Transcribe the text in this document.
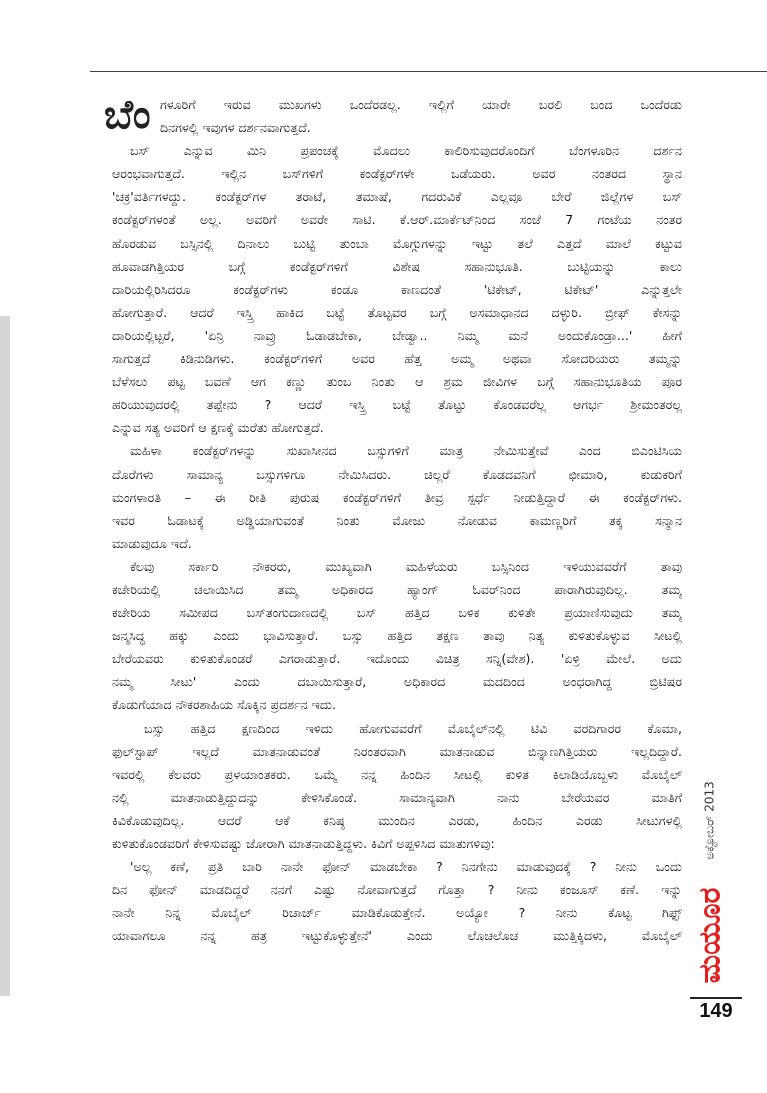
ಬೆಂ ಗಳೂರಿಗೆ ಇರುವ ಮುಖಗಳು ಒಂದೆರಡಲ್ಲ. ಇಲ್ಲಿಗೆ ಯಾರೇ ಬರಲಿ ಬಂದ ಒಂದೆರಡು
ದಿನಗಳಲ್ಲಿ ಇವುಗಳ ದರ್ಶನವಾಗುತ್ತದೆ.
ಬಸ್ ಎನ್ನುವ ಮಿನಿ ಪ್ರಪಂಚಕ್ಕೆ ಮೊದಲು ಕಾಲಿರಿಸುವುದರೊಂದಿಗೆ ಬೆಂಗಳೂರಿನ ದರ್ಶನ
ಆರಂಭವಾಗುತ್ತದೆ. ಇಲ್ಲಿನ ಬಸ್‌ಗಳಿಗೆ ಕಂಡೆಕ್ಟರ್‌ಗಳೇ ಒಡೆಯರು. ಅವರ ನಂತರದ ಸ್ಥಾನ
'ಚಕ್ರ'ವರ್ತಿಗಳದ್ದು. ಕಂಡೆಕ್ಟರ್‌ಗಳ ತರಾಟೆ, ತಮಾಷೆ, ಗದರುವಿಕೆ ಎಲ್ಲವೂ ಬೇರೆ ಜಿಲ್ಲೆಗಳ ಬಸ್
ಕಂಡೆಕ್ಟರ್‌ಗಳಂತೆ ಅಲ್ಲ. ಅವರಿಗೆ ಅವರೇ ಸಾಟಿ. ಕೆ.ಆರ್.ಮಾರ್ಕೆಟ್‌ನಿಂದ ಸಂಜೆ 7 ಗಂಟೆಯ ನಂತರ
ಹೊರಡುವ ಬಸ್ಸಿನಲ್ಲಿ ದಿನಾಲು ಬುಟ್ಟಿ ತುಂಬಾ ಮೊಗ್ಗುಗಳನ್ನು ಇಟ್ಟು ತಲೆ ಎತ್ತದೆ ಮಾಲೆ ಕಟ್ಟುವ
ಹೂವಾಡಗಿತ್ತಿಯರ ಬಗ್ಗೆ ಕಂಡೆಕ್ಟರ್‌ಗಳಿಗೆ ವಿಶೇಷ ಸಹಾನುಭೂತಿ. ಬುಟ್ಟಿಯನ್ನು ಕಾಲು
ದಾರಿಯಲ್ಲಿರಿಸಿದರೂ ಕಂಡೆಕ್ಟರ್‌ಗಳು ಕಂಡೂ ಕಾಣದಂತೆ 'ಟಿಕೇಟ್, ಟಿಕೇಟ್' ಎನ್ನುತ್ತಲೇ
ಹೋಗುತ್ತಾರೆ. ಆದರೆ ಇಸ್ತ್ರಿ ಹಾಕಿದ ಬಟ್ಟೆ ತೊಟ್ಟವರ ಬಗ್ಗೆ ಅಸಮಾಧಾನದ ದಳ್ಳುರಿ. ಬ್ರೀಫ್ ಕೇಸನ್ನು
ದಾರಿಯಲ್ಲಿಟ್ಟರೆ, 'ಏನ್ರಿ ನಾವ್ರು ಓಡಾಡಬೇಕಾ, ಬೇಡ್ವಾ.. ನಿಮ್ಮ ಮನೆ ಅಂದುಕೊಂಡ್ರಾ...' ಹೀಗೆ
ಸಾಗುತ್ತದೆ ಕಿಡಿನುಡಿಗಳು. ಕಂಡೆಕ್ಟರ್‌ಗಳಿಗೆ ಅವರ ಹೆತ್ತ ಅಮ್ಮ ಅಥವಾ ಸೋದರಿಯರು ತಮ್ಮನ್ನು
ಬೆಳೆಸಲು ಪಟ್ಟ ಬವಣೆ ಆಗ ಕಣ್ಣು ತುಂಬ ನಿಂತು ಆ ಶ್ರಮ ಜೀವಿಗಳ ಬಗ್ಗೆ ಸಹಾನುಭೂತಿಯ ಪೂರ
ಹರಿಯುವುದರಲ್ಲಿ ತಪ್ಪೇನು ? ಆದರೆ ಇಸ್ತ್ರಿ ಬಟ್ಟೆ ತೊಟ್ಟು ಕೊಂಡವರೆಲ್ಲ ಆಗರ್ಭ ಶ್ರೀಮಂತರಲ್ಲ
ಎನ್ನುವ ಸತ್ಯ ಅವರಿಗೆ ಆ ಕ್ಷಣಕ್ಕೆ ಮರೆತು ಹೋಗುತ್ತದೆ.
ಮಹಿಳಾ ಕಂಡೆಕ್ಟರ್‌ಗಳನ್ನು ಸುಖಾಸೀನದ ಬಸ್ಸುಗಳಿಗೆ ಮಾತ್ರ ನೇಮಿಸುತ್ತೇವೆ ಎಂದ ಬಿಎಂಟಿಸಿಯ
ದೊರೆಗಳು ಸಾಮಾನ್ಯ ಬಸ್ಸುಗಳಿಗೂ ನೇಮಿಸಿದರು. ಚಿಲ್ಲರೆ ಕೊಡದವನಿಗೆ ಛೀಮಾರಿ, ಕುಡುಕರಿಗೆ
ಮಂಗಳಾರತಿ – ಈ ರೀತಿ ಪುರುಷ ಕಂಡೆಕ್ಟರ್‌ಗಳಿಗೆ ತೀವ್ರ ಸ್ಪರ್ಧೆ ನೀಡುತ್ತಿದ್ದಾರೆ ಈ ಕಂಡೆಕ್ಟರ್‌ಗಳು.
ಇವರ ಓಡಾಟಕ್ಕೆ ಅಡ್ಡಿಯಾಗುವಂತೆ ನಿಂತು ಮೋಜು ನೋಡುವ ಕಾಮಣ್ಣರಿಗೆ ತಕ್ಕ ಸನ್ಮಾನ
ಮಾಡುವುದೂ ಇದೆ.
ಕೆಲವು ಸರ್ಕಾರಿ ನೌಕರರು, ಮುಖ್ಯವಾಗಿ ಮಹಿಳೆಯರು ಬಸ್ಸಿನಿಂದ ಇಳಿಯುವವರೆಗೆ ತಾವು
ಕಚೇರಿಯಲ್ಲಿ ಚಲಾಯಿಸಿದ ತಮ್ಮ ಅಧಿಕಾರದ ಹ್ಯಾಂಗ್ ಓವರ್‌ನಿಂದ ಪಾರಾಗಿರುವುದಿಲ್ಲ. ತಮ್ಮ
ಕಚೇರಿಯ ಸಮೀಪದ ಬಸ್‌ತಂಗುದಾಣದಲ್ಲಿ ಬಸ್ ಹತ್ತಿದ ಬಳಿಕ ಕುಳಿತೇ ಪ್ರಯಾಣಿಸುವುದು ತಮ್ಮ
ಜನ್ಮಸಿದ್ಧ ಹಕ್ಕು ಎಂದು ಭಾವಿಸುತ್ತಾರೆ. ಬಸ್ಸು ಹತ್ತಿದ ತಕ್ಷಣ ತಾವು ನಿತ್ಯ ಕುಳಿತುಕೊಳ್ಳುವ ಸೀಟಲ್ಲಿ
ಬೇರೆಯವರು ಕುಳಿತುಕೊಂಡರೆ ಎಗರಾಡುತ್ತಾರೆ. ಇದೊಂದು ವಿಚಿತ್ರ ಸನ್ನಿ(ವೇಶ). 'ಏಳ್ರಿ ಮೇಲೆ. ಅದು
ನಮ್ಮ ಸೀಟು' ಎಂದು ದಬಾಯಿಸುತ್ತಾರೆ, ಅಧಿಕಾರದ ಮದದಿಂದ ಅಂಧರಾಗಿದ್ದ ಬ್ರಿಟಿಷರ
ಕೊಡುಗೆಯಾದ ನೌಕರಶಾಹಿಯ ಸೊಕ್ಕಿನ ಪ್ರದರ್ಶನ ಇದು.
ಬಸ್ಸು ಹತ್ತಿದ ಕ್ಷಣದಿಂದ ಇಳಿದು ಹೋಗುವವರೆಗೆ ಮೊಬೈಲ್‌ನಲ್ಲಿ ಟಿವಿ ವರದಿಗಾರರ ಕೊಮಾ,
ಫುಲ್‌ಸ್ಟಾಪ್ ಇಲ್ಲದೆ ಮಾತನಾಡುವಂತೆ ನಿರಂತರವಾಗಿ ಮಾತನಾಡುವ ಬಿನ್ನಾಣಗಿತ್ತಿಯರು ಇಲ್ಲದಿದ್ದಾರೆ.
ಇವರಲ್ಲಿ ಕೆಲವರು ಪ್ರಳಯಾಂತಕರು. ಒಮ್ಮೆ ನನ್ನ ಹಿಂದಿನ ಸೀಟಲ್ಲಿ ಕುಳಿತ ಕಿಲಾಡಿಯೊಬ್ಬಳು ಮೊಬೈಲ್
ನಲ್ಲಿ ಮಾತನಾಡುತ್ತಿದ್ದುದನ್ನು ಕೇಳಿಸಿಕೊಂಡೆ. ಸಾಮಾನ್ಯವಾಗಿ ನಾನು ಬೇರೆಯವರ ಮಾತಿಗೆ
ಕಿವಿಕೊಡುವುದಿಲ್ಲ. ಆದರೆ ಆಕೆ ಕನಿಷ್ಠ ಮುಂದಿನ ಎರಡು, ಹಿಂದಿನ ಎರಡು ಸೀಟುಗಳಲ್ಲಿ
ಕುಳಿತುಕೊಂಡವರಿಗೆ ಕೇಳಿಸುವಷ್ಟು ಜೋರಾಗಿ ಮಾತನಾಡುತ್ತಿದ್ದಳು. ಕಿವಿಗೆ ಅಪ್ಪಳಿಸಿದ ಮಾತುಗಳಿವು:
'ಅಲ್ಲ ಕಣೆ, ಪ್ರತಿ ಬಾರಿ ನಾನೇ ಫೋನ್ ಮಾಡಬೇಕಾ ? ನಿನಗೇನು ಮಾಡುವುದಕ್ಕೆ ? ನೀನು ಒಂದು
ದಿನ ಫೋನ್ ಮಾಡದಿದ್ದರೆ ನನಗೆ ಎಷ್ಟು ನೋವಾಗುತ್ತದೆ ಗೊತ್ತಾ ? ನೀನು ಕಂಜೂಸ್ ಕಣೆ. ಇನ್ನು
ನಾನೇ ನಿನ್ನ ಮೊಬೈಲ್ ರಿಚಾರ್ಜ್ ಮಾಡಿಕೊಡುತ್ತೇನೆ. ಅಯ್ಯೋ ? ನೀನು ಕೊಟ್ಟ ಗಿಫ್ಟ್
ಯಾವಾಗಲೂ ನನ್ನ ಹತ್ರ ಇಟ್ಟುಕೊಳ್ಳುತ್ತೇನೆ' ಎಂದು ಲೊಚಲೊಚ ಮುತ್ತಿಕ್ಕಿದಳು, ಮೊಬೈಲ್
ಅಕ್ಟೋಬರ್ 2013
ಮಯೂರ
149
